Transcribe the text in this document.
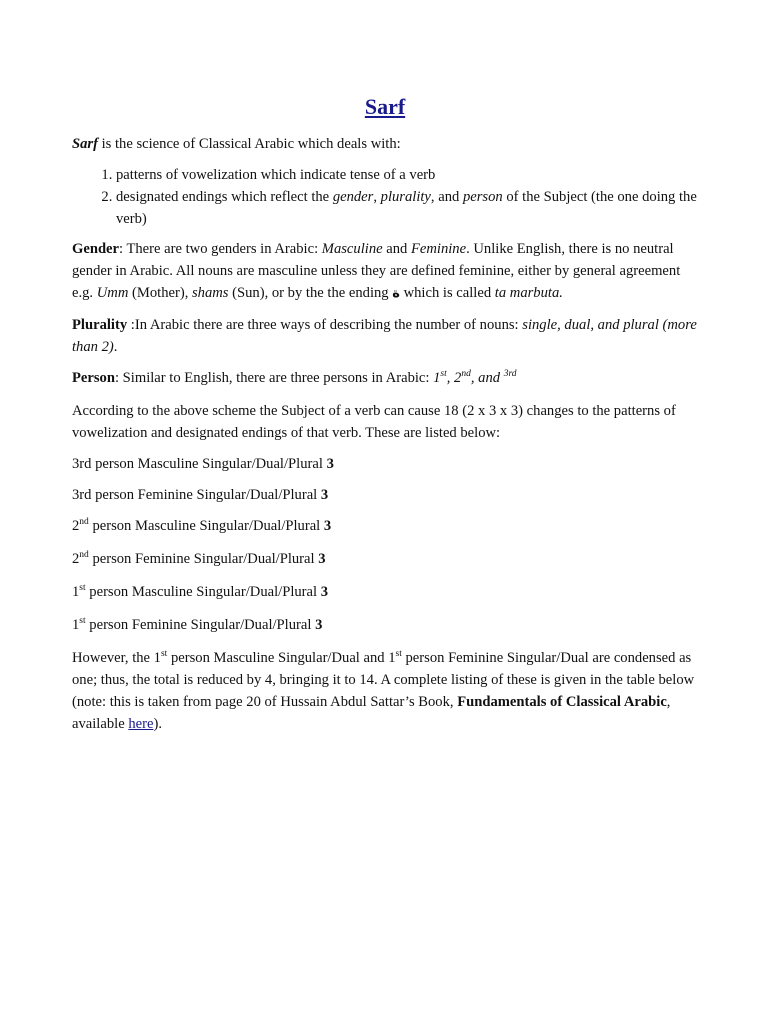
Sarf

Sarf is the science of Classical Arabic which deals with:

1. patterns of vowelization which indicate tense of a verb
2. designated endings which reflect the gender, plurality, and person of the Subject (the one doing the verb)

Gender: There are two genders in Arabic: Masculine and Feminine. Unlike English, there is no neutral gender in Arabic. All nouns are masculine unless they are defined feminine, either by general agreement e.g. Umm (Mother), shams (Sun), or by the the ending ة which is called ta marbuta.

Plurality :In Arabic there are three ways of describing the number of nouns: single, dual, and plural (more than 2).

Person: Similar to English, there are three persons in Arabic: 1st, 2nd, and $^{3rd}$

According to the above scheme the Subject of a verb can cause 18 (2 x 3 x 3) changes to the patterns of vowelization and designated endings of that verb. These are listed below:

3rd person Masculine Singular/Dual/Plural 3

3rd person Feminine Singular/Dual/Plural 3

2nd person Masculine Singular/Dual/Plural 3

2nd person Feminine Singular/Dual/Plural 3

1st person Masculine Singular/Dual/Plural 3

1st person Feminine Singular/Dual/Plural 3

However, the 1st person Masculine Singular/Dual and 1st person Feminine Singular/Dual are condensed as one; thus, the total is reduced by 4, bringing it to 14. A complete listing of these is given in the table below (note: this is taken from page 20 of Hussain Abdul Sattar’s Book, Fundamentals of Classical Arabic, available here).
